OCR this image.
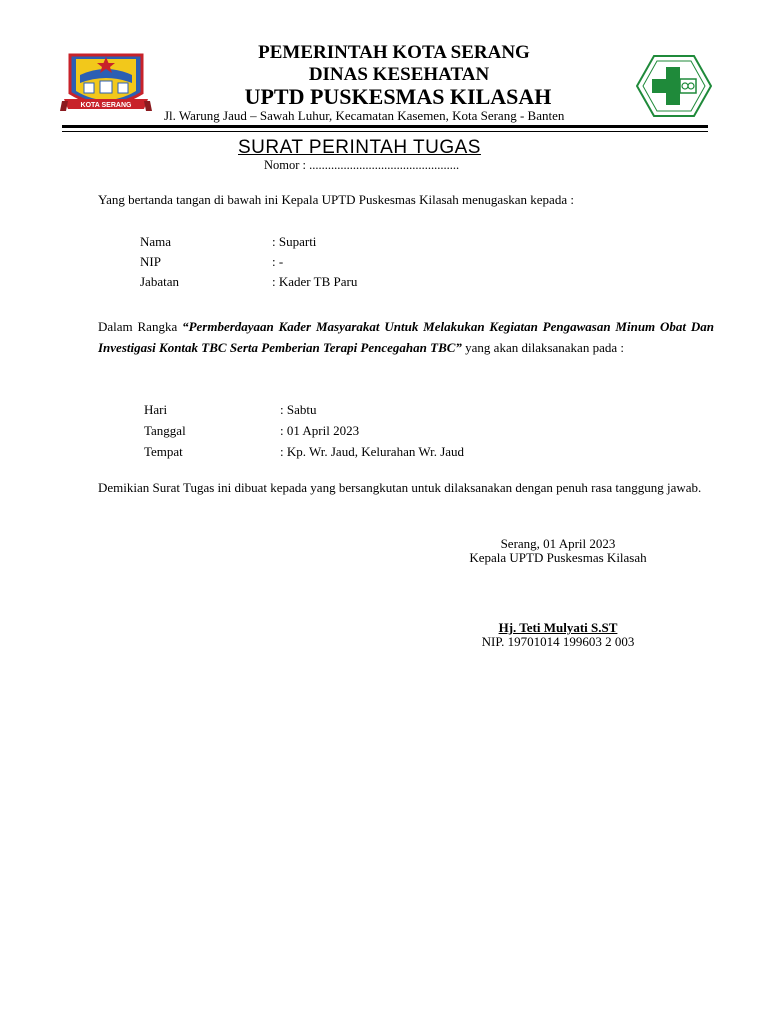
KOTA SERANG
PEMERINTAH KOTA SERANG
DINAS KESEHATAN
UPTD PUSKESMAS KILASAH
Jl. Warung Jaud – Sawah Luhur, Kecamatan Kasemen, Kota Serang - Banten
SURAT PERINTAH TUGAS
Nomor : ................................................
Yang bertanda tangan di bawah ini Kepala UPTD Puskesmas Kilasah menugaskan kepada :
Nama	: Suparti
NIP	: -
Jabatan	: Kader TB Paru
Dalam Rangka “Permberdayaan Kader Masyarakat Untuk Melakukan Kegiatan Pengawasan Minum Obat Dan Investigasi Kontak TBC Serta Pemberian Terapi Pencegahan TBC” yang akan dilaksanakan pada :
Hari	: Sabtu
Tanggal	: 01 April 2023
Tempat	: Kp. Wr. Jaud, Kelurahan Wr. Jaud
Demikian Surat Tugas ini dibuat kepada yang bersangkutan untuk dilaksanakan dengan penuh rasa tanggung jawab.
Serang, 01 April 2023
Kepala UPTD Puskesmas Kilasah
Hj. Teti Mulyati S.ST
NIP. 19701014 199603 2 003
